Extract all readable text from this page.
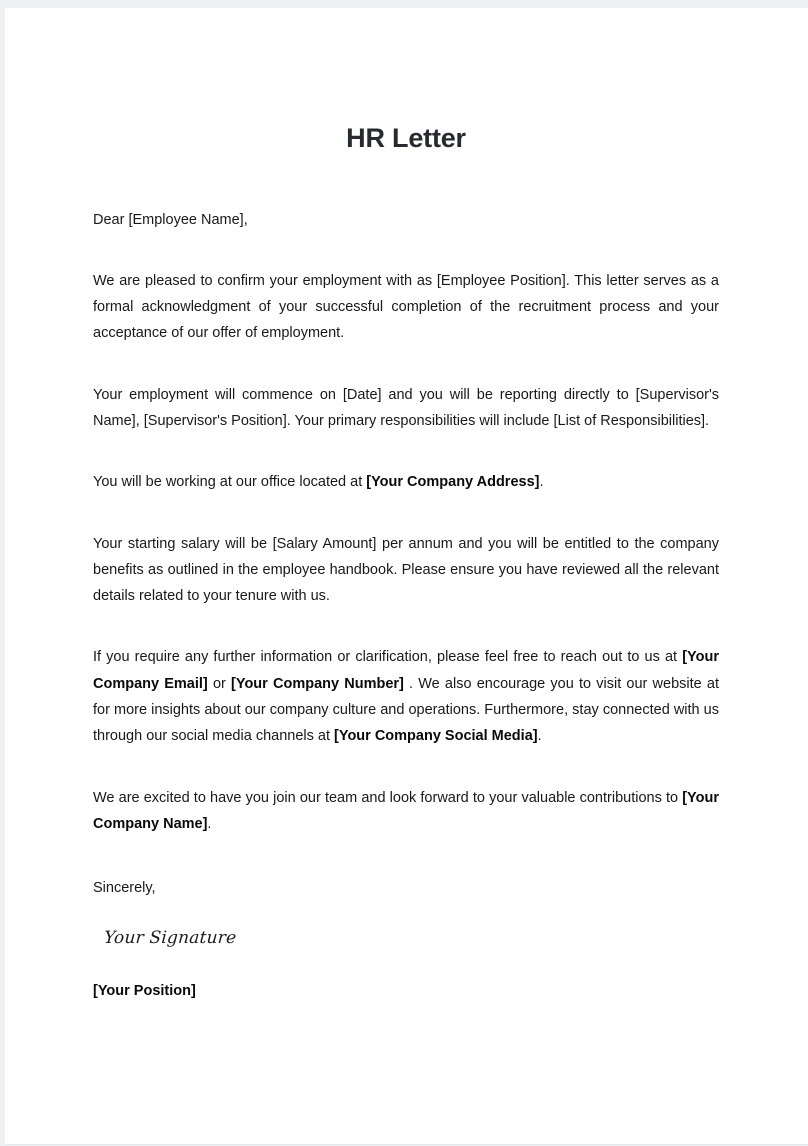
HR Letter

Dear [Employee Name],

We are pleased to confirm your employment with as [Employee Position]. This letter serves as a formal acknowledgment of your successful completion of the recruitment process and your acceptance of our offer of employment.

Your employment will commence on [Date] and you will be reporting directly to [Supervisor's Name], [Supervisor's Position]. Your primary responsibilities will include [List of Responsibilities].

You will be working at our office located at [Your Company Address].

Your starting salary will be [Salary Amount] per annum and you will be entitled to the company benefits as outlined in the employee handbook. Please ensure you have reviewed all the relevant details related to your tenure with us.

If you require any further information or clarification, please feel free to reach out to us at [Your Company Email] or [Your Company Number] . We also encourage you to visit our website at for more insights about our company culture and operations. Furthermore, stay connected with us through our social media channels at [Your Company Social Media].

We are excited to have you join our team and look forward to your valuable contributions to [Your Company Name].

Sincerely,

Your Signature

[Your Position]
